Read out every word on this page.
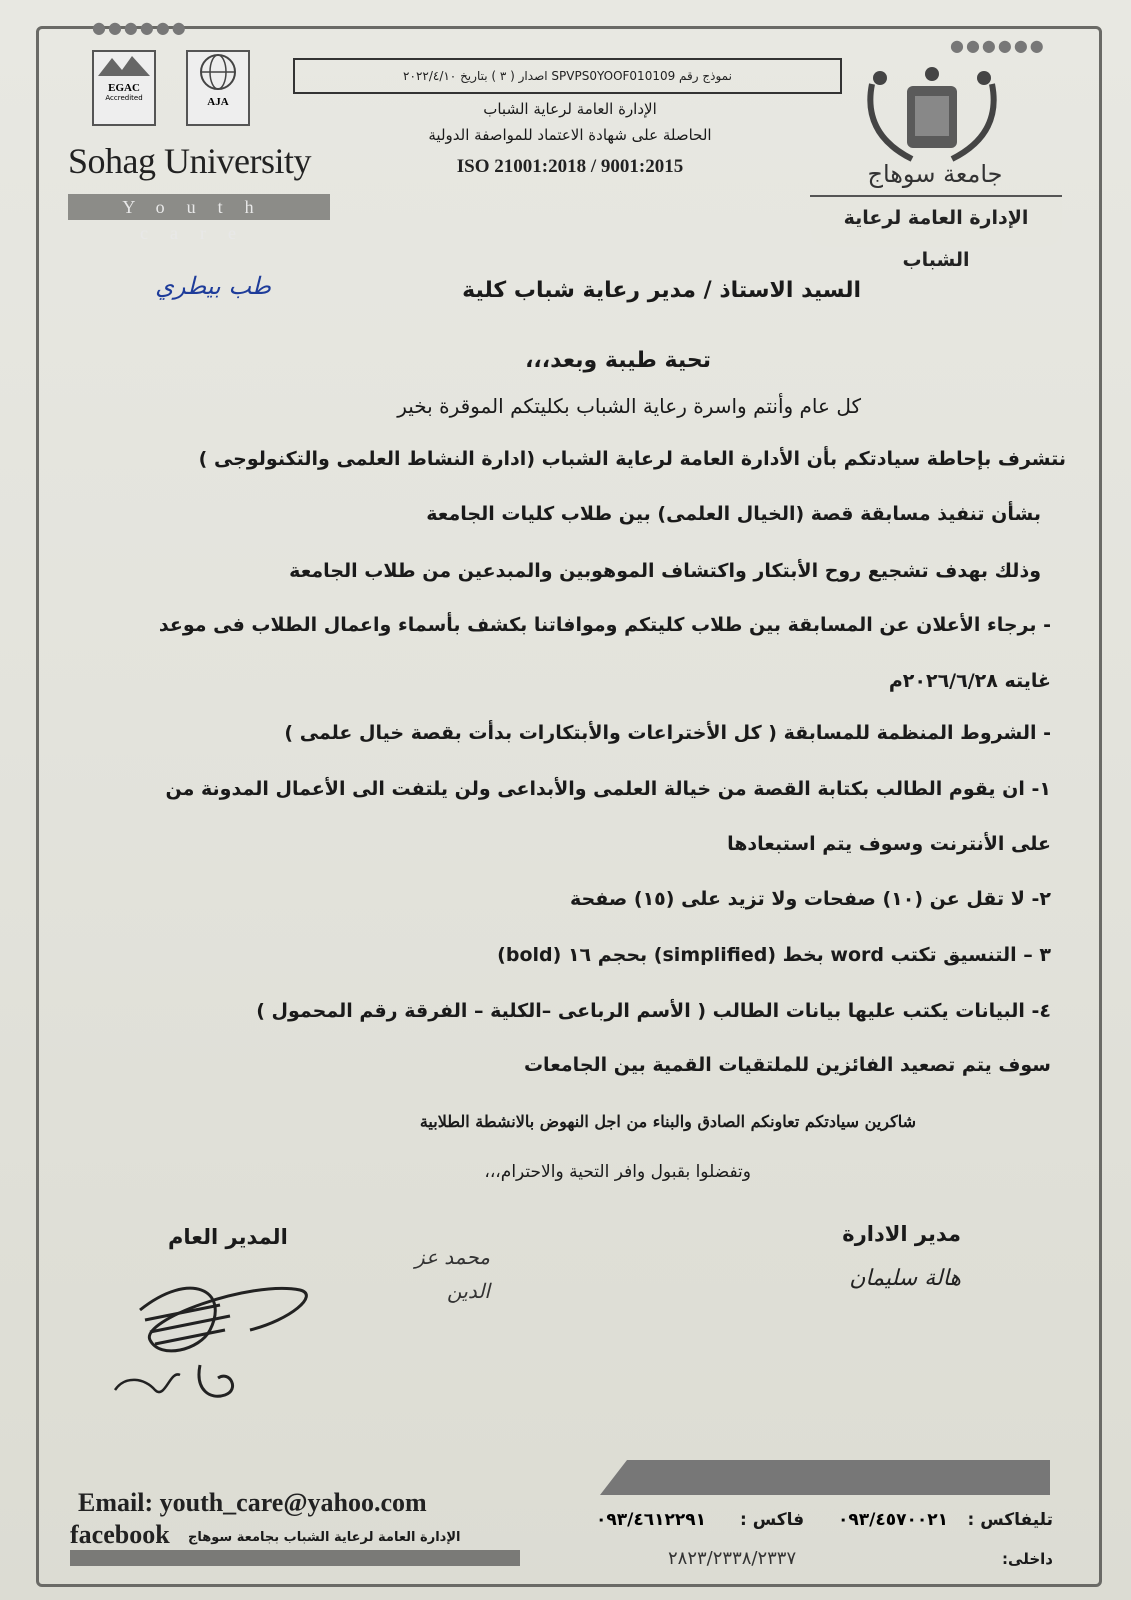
●●●●●●
●●●●●●
EGAC
Accredited	AJA
Sohag University
Youth care
نموذج رقم SPVPS0YOOF010109 اصدار ( ٣ ) بتاريخ ٢٠٢٢/٤/١٠
الإدارة العامة لرعاية الشباب
الحاصلة على شهادة الاعتماد للمواصفة الدولية
ISO 21001:2018 / 9001:2015	جامعة سوهاج
الإدارة العامة لرعاية الشباب
السيد الاستاذ / مدير رعاية شباب كلية
طب بيطري
تحية طيبة وبعد،،،
كل عام وأنتم واسرة رعاية الشباب بكليتكم الموقرة بخير
نتشرف بإحاطة سيادتكم بأن الأدارة العامة لرعاية الشباب (ادارة النشاط العلمى والتكنولوجى )
بشأن تنفيذ مسابقة قصة (الخيال العلمى) بين طلاب كليات الجامعة
وذلك بهدف تشجيع روح الأبتكار واكتشاف الموهوبين والمبدعين من طلاب الجامعة
- برجاء الأعلان عن المسابقة بين طلاب كليتكم وموافاتنا بكشف بأسماء واعمال الطلاب فى موعد
غايته ٢٠٢٦/٦/٢٨م
- الشروط المنظمة للمسابقة ( كل الأختراعات والأبتكارات بدأت بقصة خيال علمى )
١- ان يقوم الطالب بكتابة القصة من خيالة العلمى والأبداعى ولن يلتفت الى الأعمال المدونة من
على الأنترنت وسوف يتم استبعادها
٢- لا تقل عن (١٠) صفحات ولا تزيد على (١٥) صفحة
٣ – التنسيق تكتب word بخط (simplified) بحجم ١٦ (bold)
٤- البيانات يكتب عليها بيانات الطالب ( الأسم الرباعى –الكلية – الفرقة رقم المحمول )
سوف يتم تصعيد الفائزين للملتقيات القمية بين الجامعات
شاكرين سيادتكم تعاونكم الصادق والبناء من اجل النهوض بالانشطة الطلابية
وتفضلوا بقبول وافر التحية والاحترام،،،
المدير العام
محمد عز الدين
مدير الادارة
هالة سليمان
Email: youth_care@yahoo.com
facebook الإدارة العامة لرعاية الشباب بجامعة سوهاج
تليفاكس :
٠٩٣/٤٥٧٠٠٢١
فاكس :
٠٩٣/٤٦١٢٢٩١
داخلى:
٢٨٢٣/٢٣٣٨/٢٣٣٧
